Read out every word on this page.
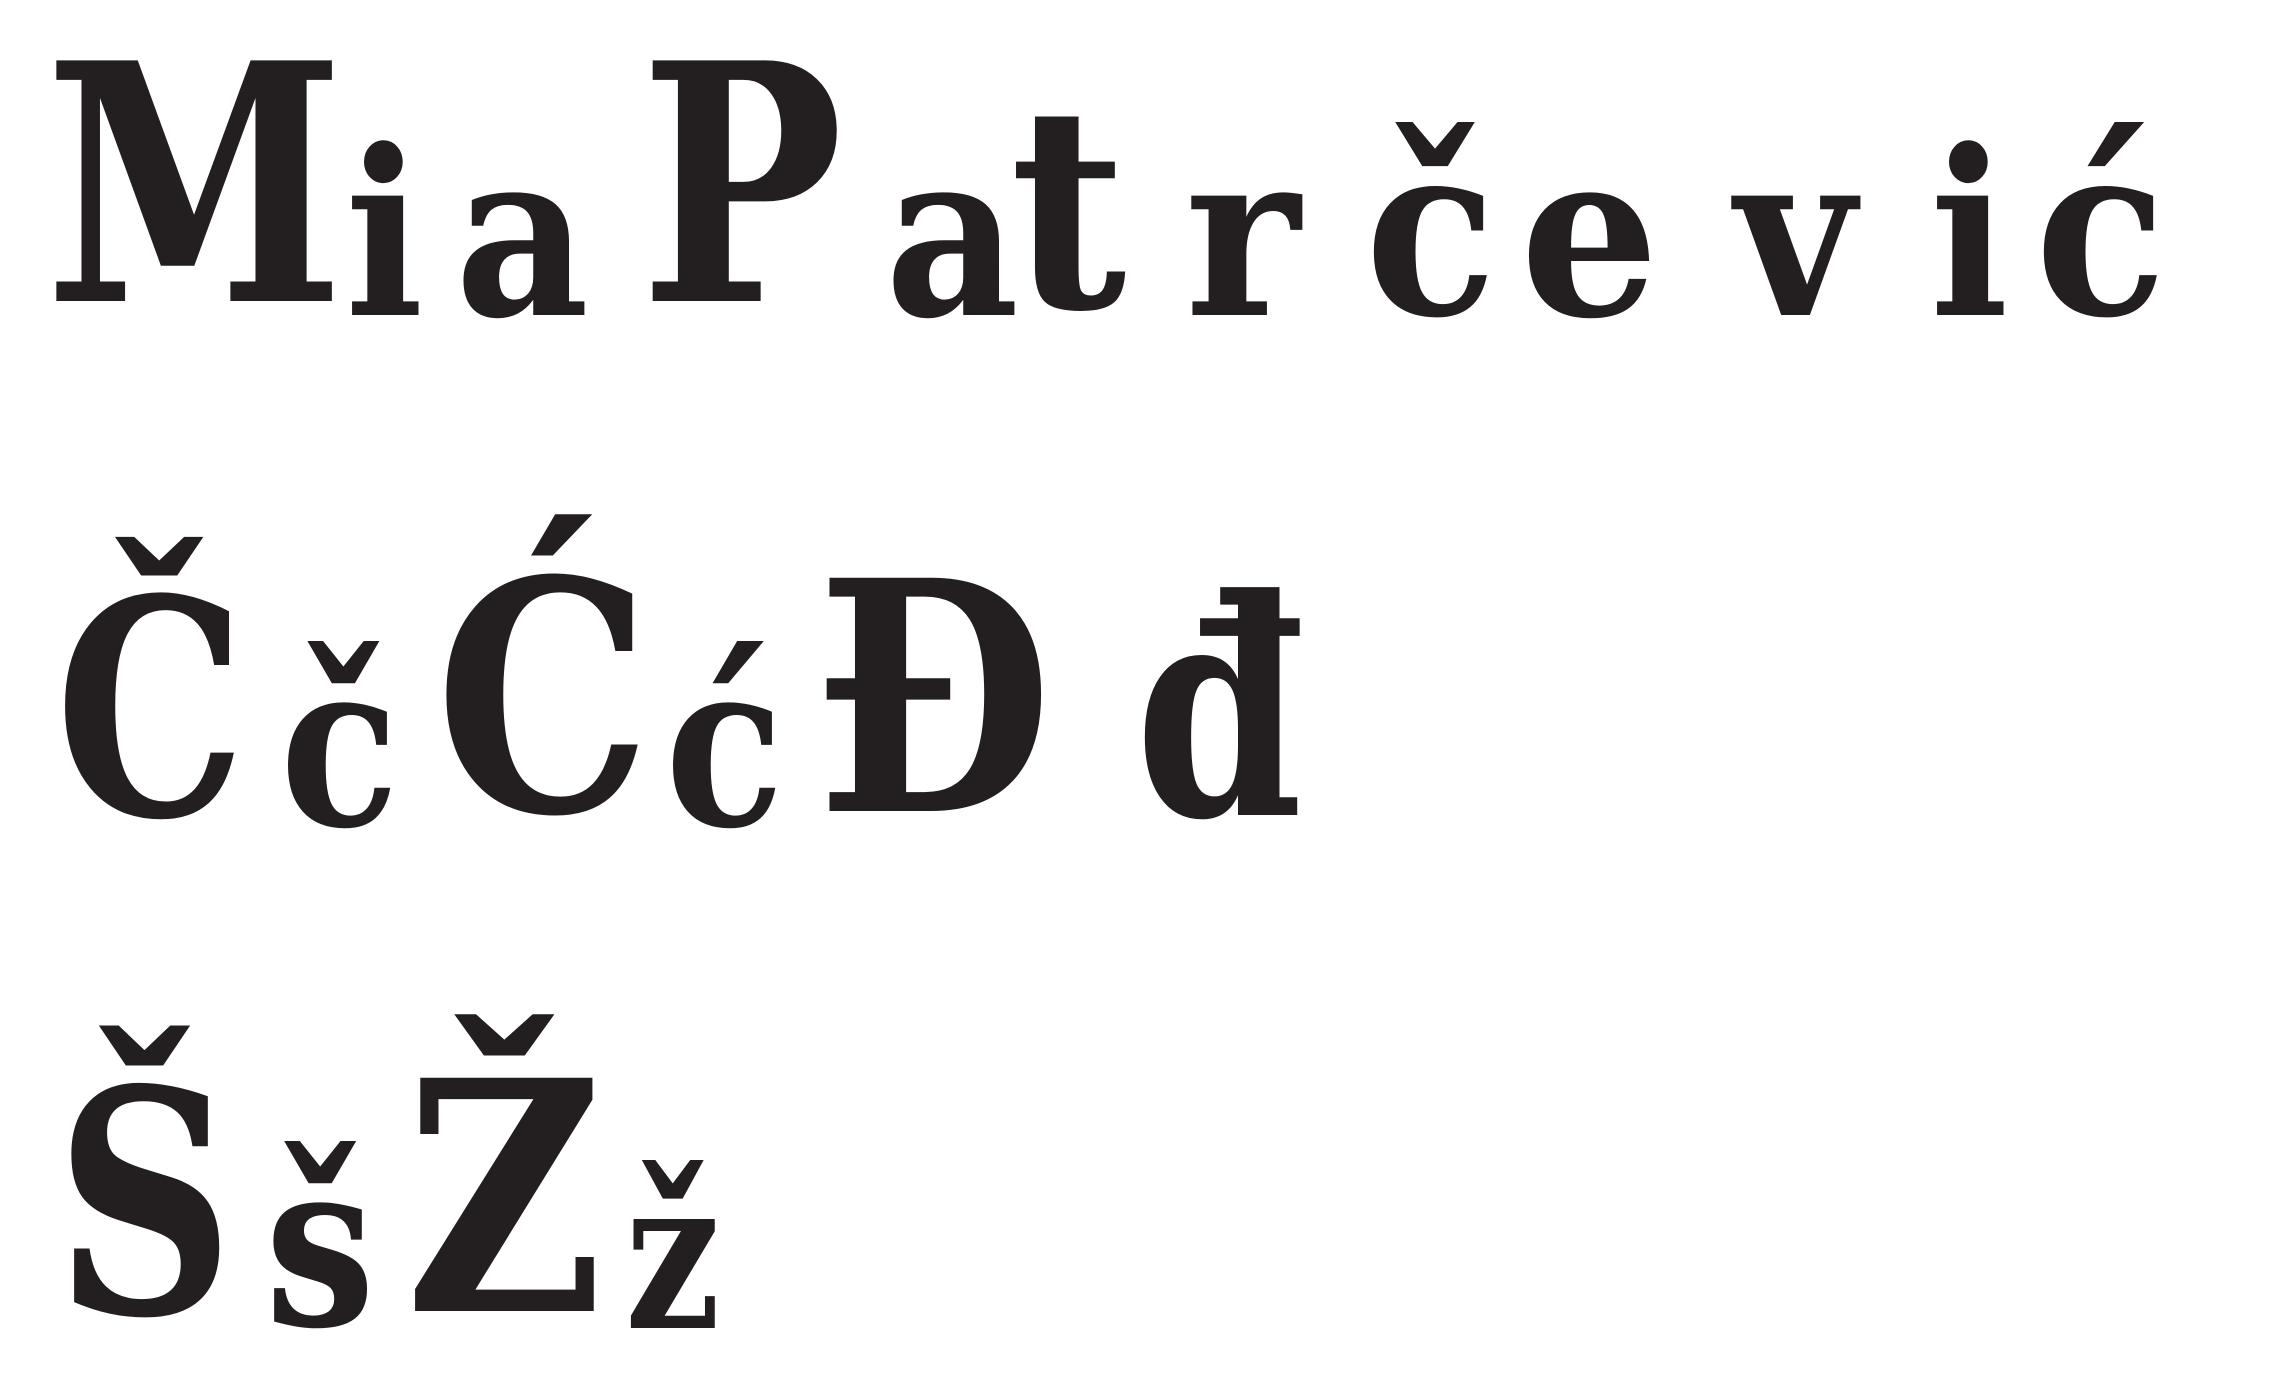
M

i

a

P

a

t

r

č

e

v

i

ć

Č

č

Ć

ć

Đ

đ

Š

š

Ž

ž
